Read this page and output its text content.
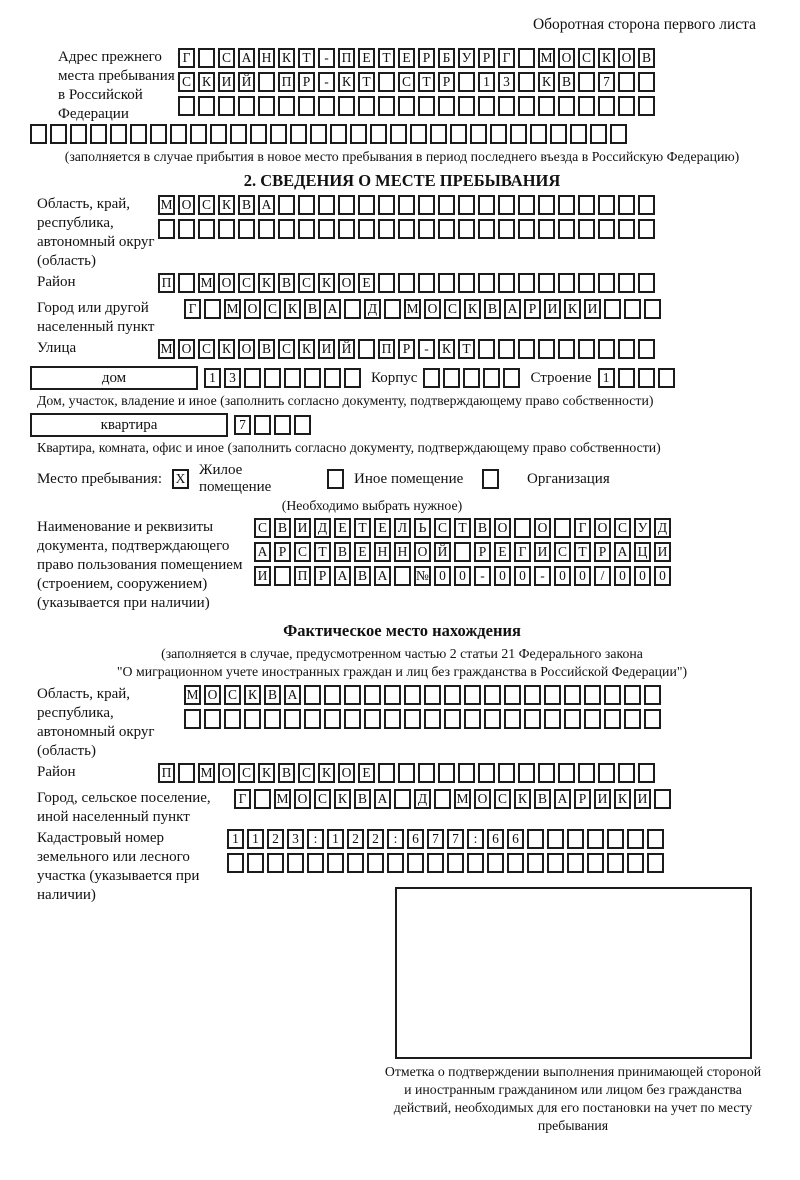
Оборотная сторона первого листа
Адрес прежнего места пребывания в Российской Федерации
Г	С А Н К Т	- П Е Т Е Р Б У Р Г	М О С К О В
С К И Й П Р	- К Т	С Т Р	1 3	К В	7
(заполняется в случае прибытия в новое место пребывания в период последнего въезда в Российскую Федерацию)
2. СВЕДЕНИЯ О МЕСТЕ ПРЕБЫВАНИЯ
Область, край, республика, автономный округ (область)
М О С К В А
Район	П М О С К В С К О Е
Город или другой населенный пункт
Г	М О С К В А Д М О С К В А Р И К И
Улица	М О С К О В С К И Й П Р	- К Т
дом	1 3	Корпус	Строение 1
Дом, участок, владение и иное (заполнить согласно документу, подтверждающему право собственности)
квартира	7
Квартира, комната, офис и иное (заполнить согласно документу, подтверждающему право собственности)
Место пребывания:	X
Жилое помещение
Иное помещение	Организация
(Необходимо выбрать нужное)
Наименование и реквизиты документа, подтверждающего право пользования помещением (строением, сооружением) (указывается при наличии)
С В И Д Е Т Е Л Ь С Т В О О	Г О С У Д
А Р С Т В Е Н Н О Й	Р Е Г И С Т Р А Ц И
И П Р А В А № 0 0	-	0 0	-	0 0	/	0 0 0
Фактическое место нахождения
(заполняется в случае, предусмотренном частью 2 статьи 21 Федерального закона
"О миграционном учете иностранных граждан и лиц без гражданства в Российской Федерации")
Область, край, республика, автономный округ (область)
М О С К В А
Район	П М О С К В С К О Е
Город, сельское поселение, иной населенный пункт
Г	М О С К В А Д М О С К В А Р И К И
Кадастровый номер земельного или лесного участка (указывается при наличии)
1 1 2 3	:	1 2 2	:	6 7 7	:	6 6
Отметка о подтверждении выполнения принимающей стороной и иностранным гражданином или лицом без гражданства действий, необходимых для его постановки на учет по месту пребывания
